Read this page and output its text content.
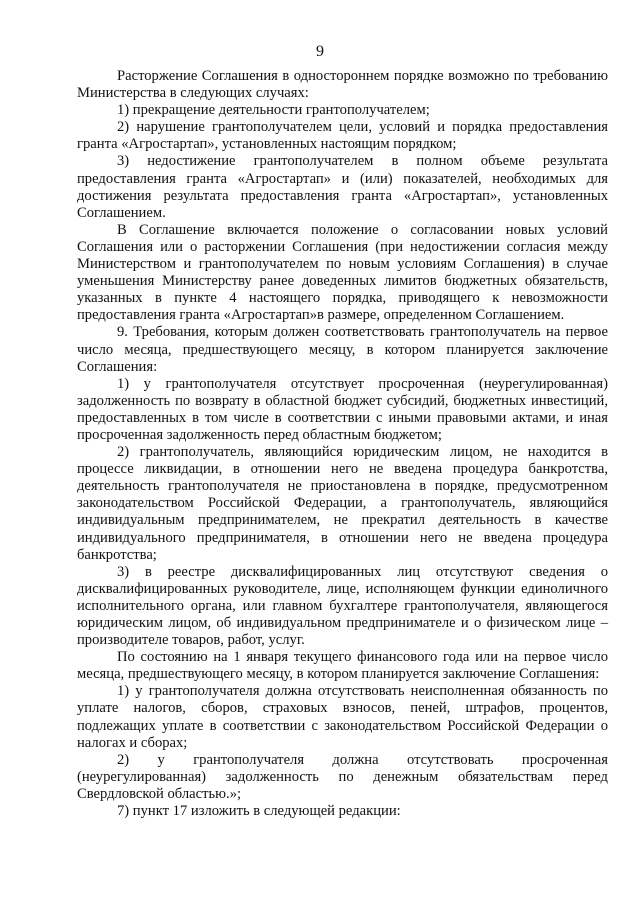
9

Расторжение Соглашения в одностороннем порядке возможно по требованию Министерства в следующих случаях:

1) прекращение деятельности грантополучателем;

2) нарушение грантополучателем цели, условий и порядка предоставления гранта «Агростартап», установленных настоящим порядком;

3) недостижение грантополучателем в полном объеме результата предоставления гранта «Агростартап» и (или) показателей, необходимых для достижения результата предоставления гранта «Агростартап», установленных Соглашением.

В Соглашение включается положение о согласовании новых условий Соглашения или о расторжении Соглашения (при недостижении согласия между Министерством и грантополучателем по новым условиям Соглашения) в случае уменьшения Министерству ранее доведенных лимитов бюджетных обязательств, указанных в пункте 4 настоящего порядка, приводящего к невозможности предоставления гранта «Агростартап»в размере, определенном Соглашением.

9. Требования, которым должен соответствовать грантополучатель на первое число месяца, предшествующего месяцу, в котором планируется заключение Соглашения:

1) у грантополучателя отсутствует просроченная (неурегулированная) задолженность по возврату в областной бюджет субсидий, бюджетных инвестиций, предоставленных в том числе в соответствии с иными правовыми актами, и иная просроченная задолженность перед областным бюджетом;

2) грантополучатель, являющийся юридическим лицом, не находится в процессе ликвидации, в отношении него не введена процедура банкротства, деятельность грантополучателя не приостановлена в порядке, предусмотренном законодательством Российской Федерации, а грантополучатель, являющийся индивидуальным предпринимателем, не прекратил деятельность в качестве индивидуального предпринимателя, в отношении него не введена процедура банкротства;

3) в реестре дисквалифицированных лиц отсутствуют сведения о дисквалифицированных руководителе, лице, исполняющем функции единоличного исполнительного органа, или главном бухгалтере грантополучателя, являющегося юридическим лицом, об индивидуальном предпринимателе и о физическом лице – производителе товаров, работ, услуг.

По состоянию на 1 января текущего финансового года или на первое число месяца, предшествующего месяцу, в котором планируется заключение Соглашения:

1) у грантополучателя должна отсутствовать неисполненная обязанность по уплате налогов, сборов, страховых взносов, пеней, штрафов, процентов, подлежащих уплате в соответствии с законодательством Российской Федерации о налогах и сборах;

2) у грантополучателя должна отсутствовать просроченная (неурегулированная) задолженность по денежным обязательствам перед Свердловской областью.»;

7) пункт 17 изложить в следующей редакции:
